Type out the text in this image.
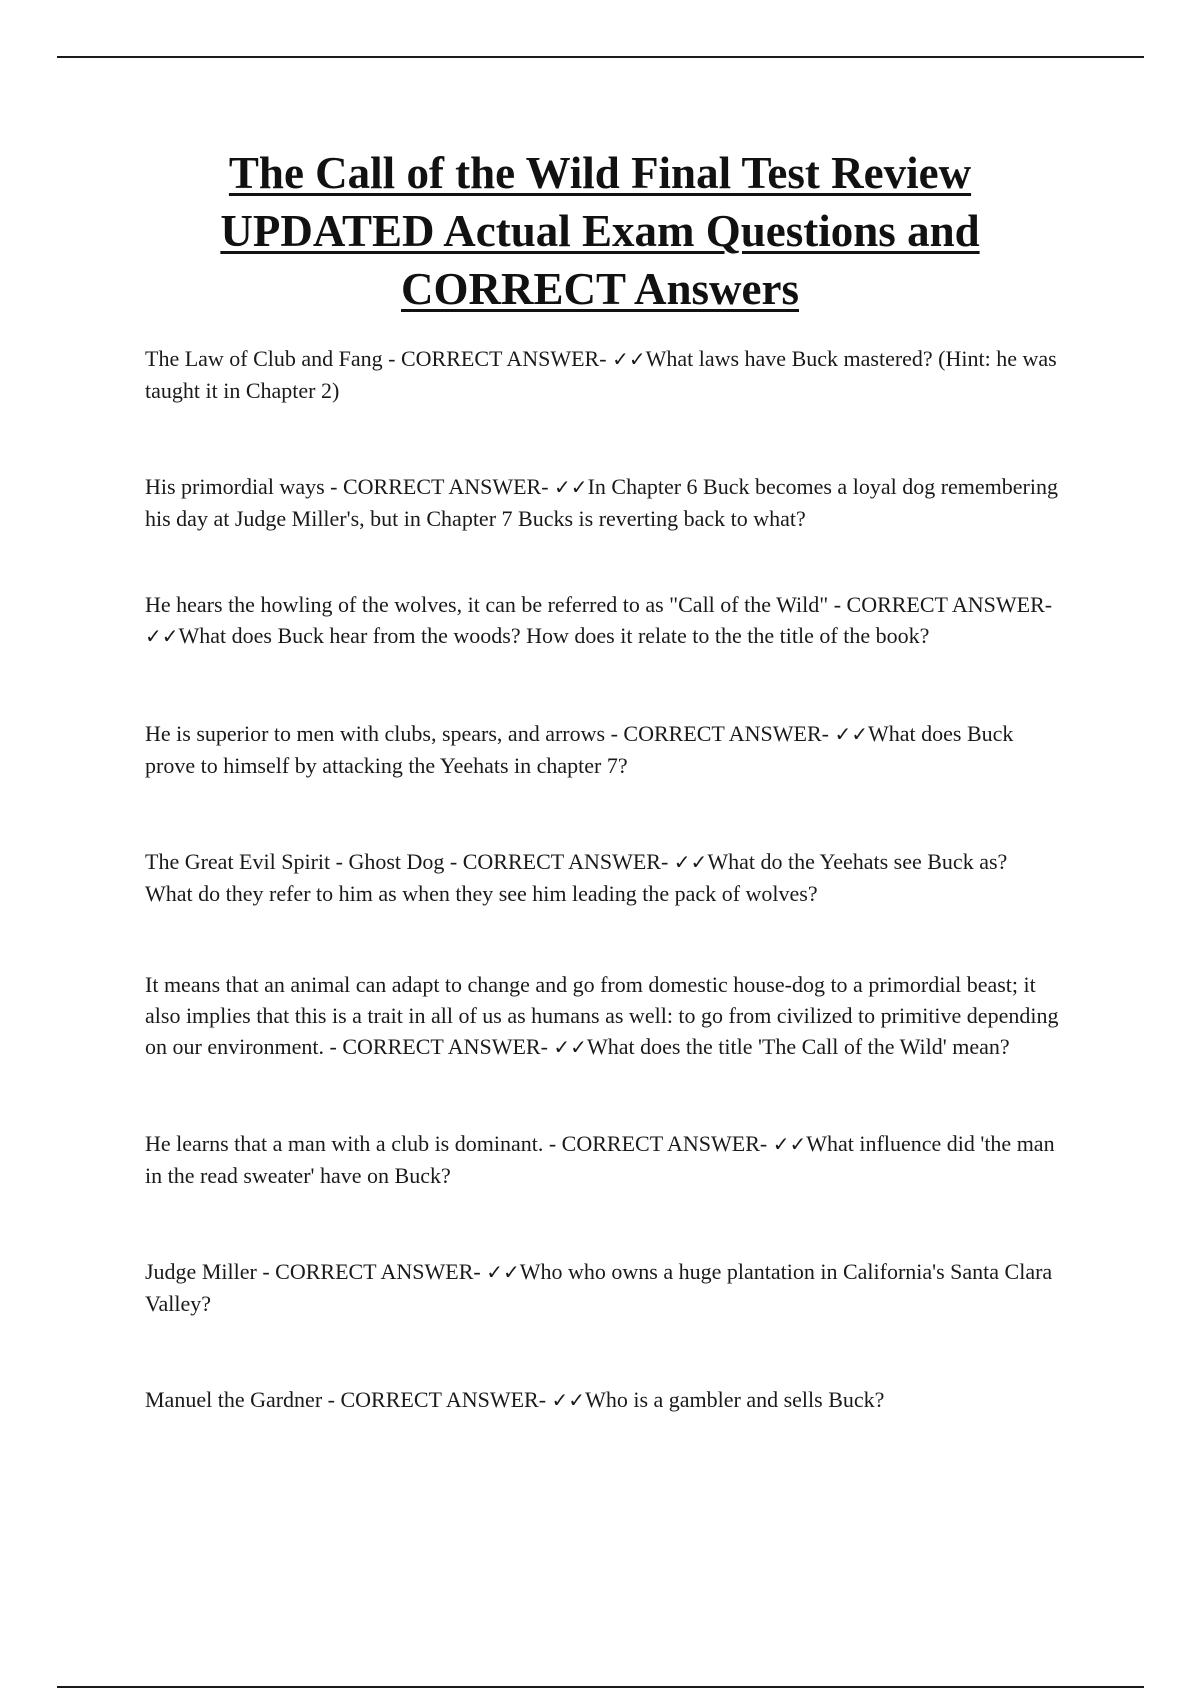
The Call of the Wild Final Test Review
UPDATED Actual Exam Questions and
CORRECT Answers

The Law of Club and Fang - CORRECT ANSWER- ✓✓What laws have Buck mastered? (Hint: he was taught it in Chapter 2)

His primordial ways - CORRECT ANSWER- ✓✓In Chapter 6 Buck becomes a loyal dog remembering his day at Judge Miller's, but in Chapter 7 Bucks is reverting back to what?

He hears the howling of the wolves, it can be referred to as "Call of the Wild" - CORRECT ANSWER- ✓✓What does Buck hear from the woods? How does it relate to the the title of the book?

He is superior to men with clubs, spears, and arrows - CORRECT ANSWER- ✓✓What does Buck prove to himself by attacking the Yeehats in chapter 7?

The Great Evil Spirit - Ghost Dog - CORRECT ANSWER- ✓✓What do the Yeehats see Buck as? What do they refer to him as when they see him leading the pack of wolves?

It means that an animal can adapt to change and go from domestic house-dog to a primordial beast; it also implies that this is a trait in all of us as humans as well: to go from civilized to primitive depending on our environment. - CORRECT ANSWER- ✓✓What does the title 'The Call of the Wild' mean?

He learns that a man with a club is dominant. - CORRECT ANSWER- ✓✓What influence did 'the man in the read sweater' have on Buck?

Judge Miller - CORRECT ANSWER- ✓✓Who who owns a huge plantation in California's Santa Clara Valley?

Manuel the Gardner - CORRECT ANSWER- ✓✓Who is a gambler and sells Buck?
